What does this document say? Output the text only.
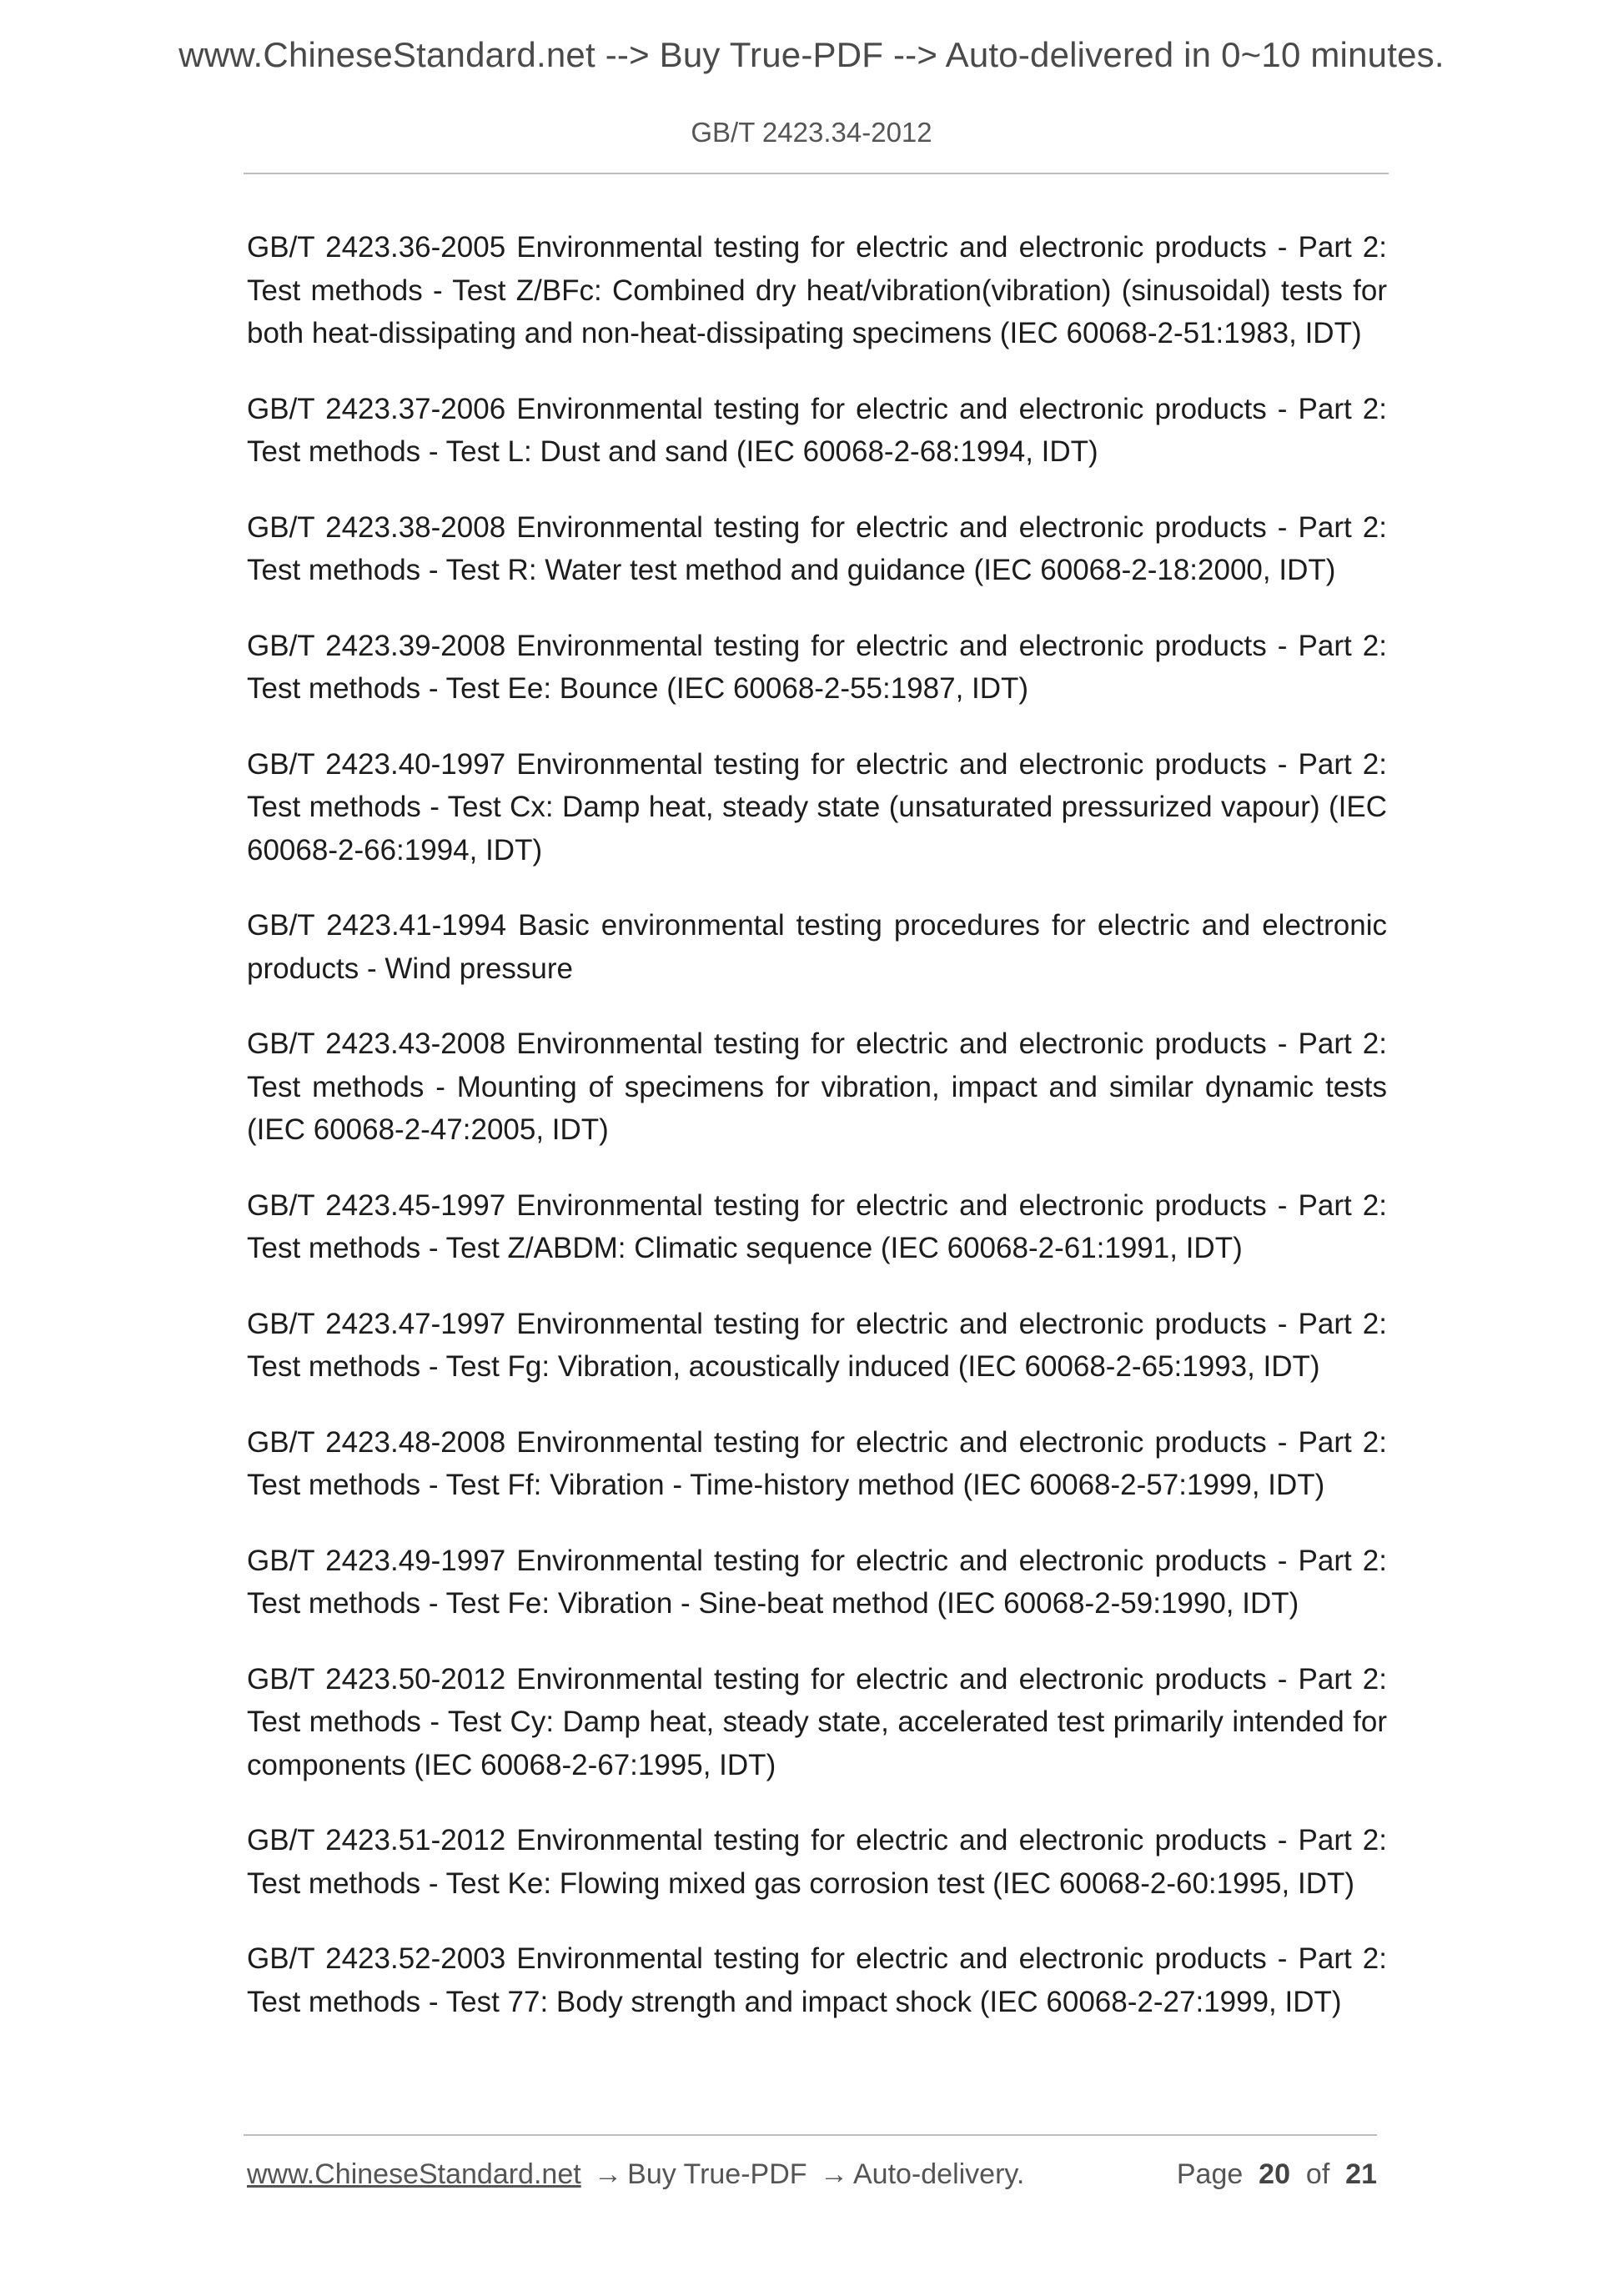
www.ChineseStandard.net --> Buy True-PDF --> Auto-delivered in 0~10 minutes.
GB/T 2423.34-2012

GB/T 2423.36-2005 Environmental testing for electric and electronic products - Part 2: Test methods - Test Z/BFc: Combined dry heat/vibration(vibration) (sinusoidal) tests for both heat-dissipating and non-heat-dissipating specimens (IEC 60068-2-51:1983, IDT)

GB/T 2423.37-2006 Environmental testing for electric and electronic products - Part 2: Test methods - Test L: Dust and sand (IEC 60068-2-68:1994, IDT)

GB/T 2423.38-2008 Environmental testing for electric and electronic products - Part 2: Test methods - Test R: Water test method and guidance (IEC 60068-2-18:2000, IDT)

GB/T 2423.39-2008 Environmental testing for electric and electronic products - Part 2: Test methods - Test Ee: Bounce (IEC 60068-2-55:1987, IDT)

GB/T 2423.40-1997 Environmental testing for electric and electronic products - Part 2: Test methods - Test Cx: Damp heat, steady state (unsaturated pressurized vapour) (IEC 60068-2-66:1994, IDT)

GB/T 2423.41-1994 Basic environmental testing procedures for electric and electronic products - Wind pressure

GB/T 2423.43-2008 Environmental testing for electric and electronic products - Part 2: Test methods - Mounting of specimens for vibration, impact and similar dynamic tests (IEC 60068-2-47:2005, IDT)

GB/T 2423.45-1997 Environmental testing for electric and electronic products - Part 2: Test methods - Test Z/ABDM: Climatic sequence (IEC 60068-2-61:1991, IDT)

GB/T 2423.47-1997 Environmental testing for electric and electronic products - Part 2: Test methods - Test Fg: Vibration, acoustically induced (IEC 60068-2-65:1993, IDT)

GB/T 2423.48-2008 Environmental testing for electric and electronic products - Part 2: Test methods - Test Ff: Vibration - Time-history method (IEC 60068-2-57:1999, IDT)

GB/T 2423.49-1997 Environmental testing for electric and electronic products - Part 2: Test methods - Test Fe: Vibration - Sine-beat method (IEC 60068-2-59:1990, IDT)

GB/T 2423.50-2012 Environmental testing for electric and electronic products - Part 2: Test methods - Test Cy: Damp heat, steady state, accelerated test primarily intended for components (IEC 60068-2-67:1995, IDT)

GB/T 2423.51-2012 Environmental testing for electric and electronic products - Part 2: Test methods - Test Ke: Flowing mixed gas corrosion test (IEC 60068-2-60:1995, IDT)

GB/T 2423.52-2003 Environmental testing for electric and electronic products - Part 2: Test methods - Test 77: Body strength and impact shock (IEC 60068-2-27:1999, IDT)

www.ChineseStandard.net → Buy True-PDF → Auto-delivery.	Page 20 of 21
